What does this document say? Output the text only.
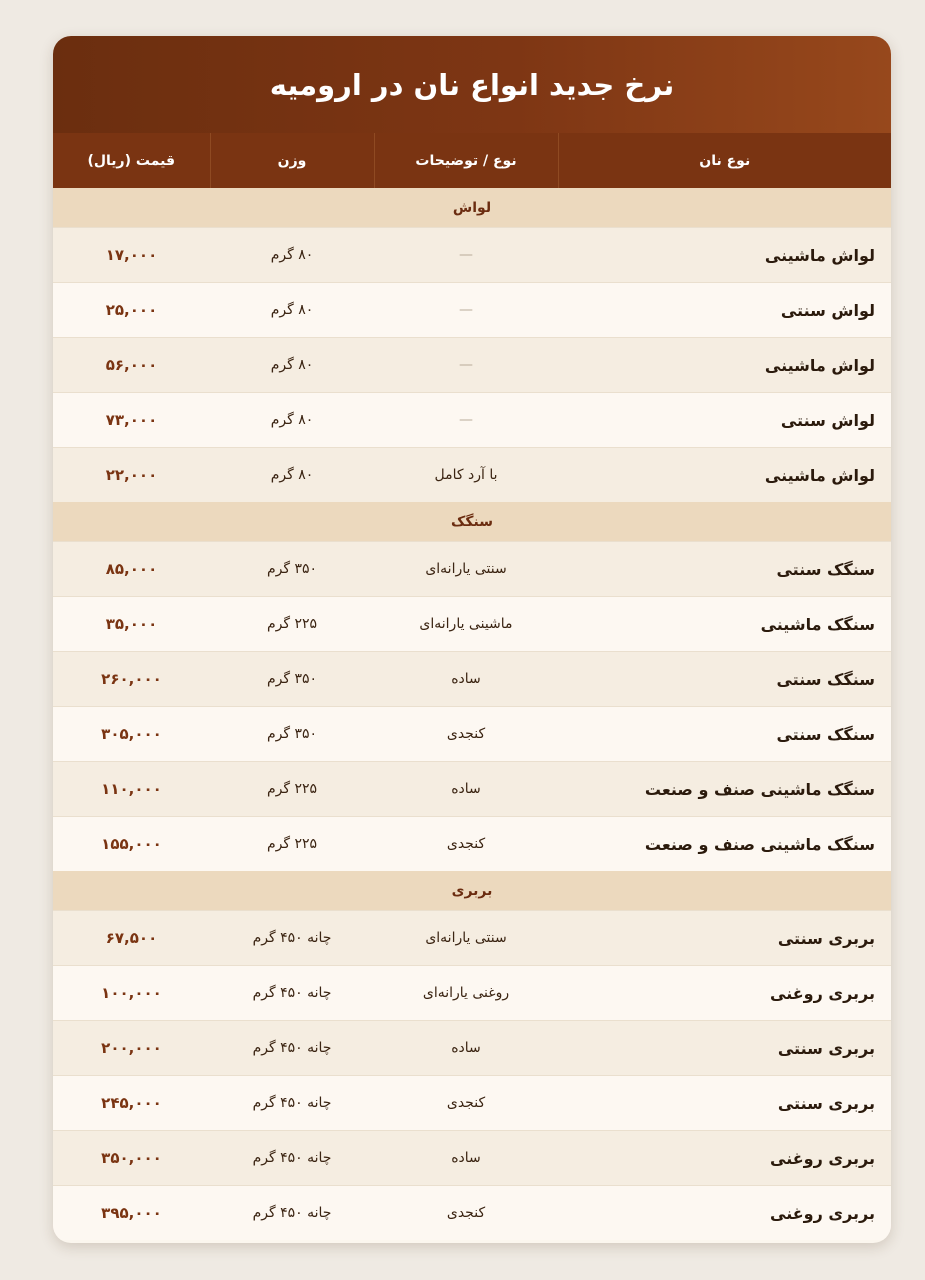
نرخ جدید انواع نان در ارومیه
نوع نان	نوع / توضیحات	وزن	قیمت (ریال)
لواش			
لواش ماشینی	—	۸۰ گرم	۱۷,۰۰۰
لواش سنتی	—	۸۰ گرم	۲۵,۰۰۰
لواش ماشینی	—	۸۰ گرم	۵۶,۰۰۰
لواش سنتی	—	۸۰ گرم	۷۳,۰۰۰
لواش ماشینی	با آرد کامل	۸۰ گرم	۲۲,۰۰۰
سنگک			
سنگک سنتی	سنتی یارانه‌ای	۳۵۰ گرم	۸۵,۰۰۰
سنگک ماشینی	ماشینی یارانه‌ای	۲۲۵ گرم	۳۵,۰۰۰
سنگک سنتی	ساده	۳۵۰ گرم	۲۶۰,۰۰۰
سنگک سنتی	کنجدی	۳۵۰ گرم	۳۰۵,۰۰۰
سنگک ماشینی صنف و صنعت	ساده	۲۲۵ گرم	۱۱۰,۰۰۰
سنگک ماشینی صنف و صنعت	کنجدی	۲۲۵ گرم	۱۵۵,۰۰۰
بربری			
بربری سنتی	سنتی یارانه‌ای	چانه ۴۵۰ گرم	۶۷,۵۰۰
بربری روغنی	روغنی یارانه‌ای	چانه ۴۵۰ گرم	۱۰۰,۰۰۰
بربری سنتی	ساده	چانه ۴۵۰ گرم	۲۰۰,۰۰۰
بربری سنتی	کنجدی	چانه ۴۵۰ گرم	۲۴۵,۰۰۰
بربری روغنی	ساده	چانه ۴۵۰ گرم	۳۵۰,۰۰۰
بربری روغنی	کنجدی	چانه ۴۵۰ گرم	۳۹۵,۰۰۰
